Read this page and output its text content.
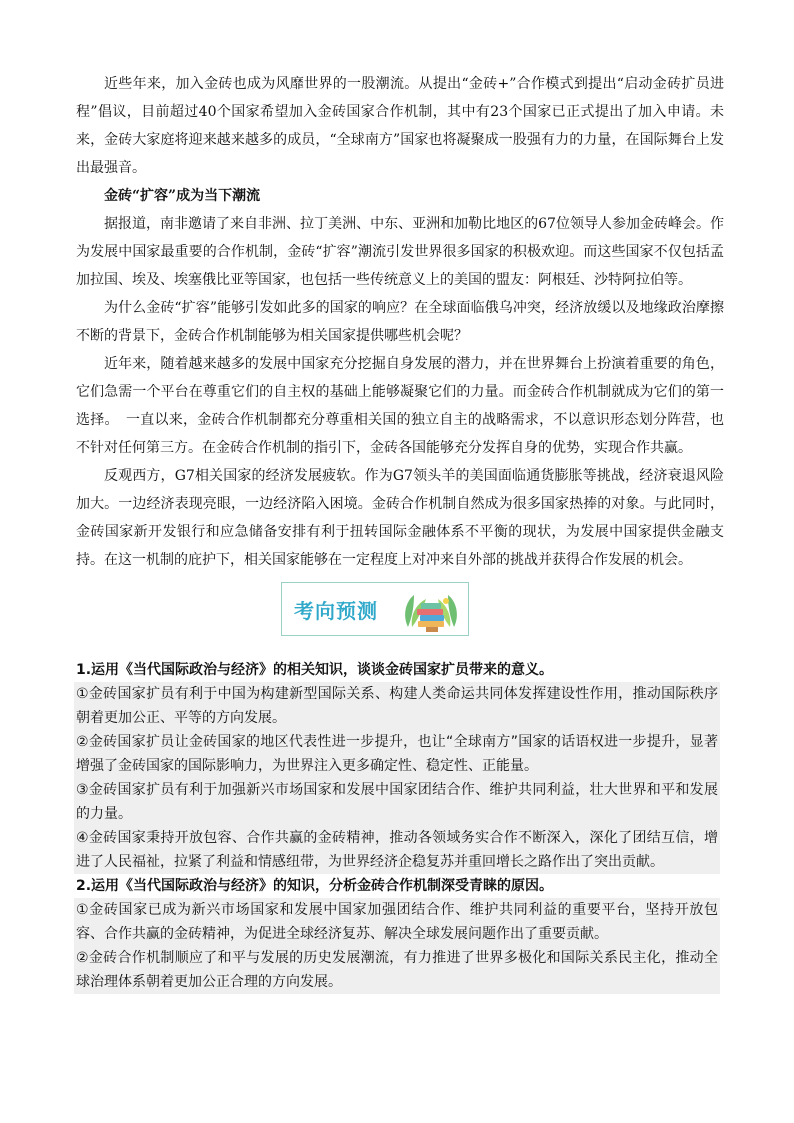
近些年来，加入金砖也成为风靡世界的一股潮流。从提出“金砖+”合作模式到提出“启动金砖扩员进程”倡议，目前超过40个国家希望加入金砖国家合作机制，其中有23个国家已正式提出了加入申请。未来，金砖大家庭将迎来越来越多的成员，“全球南方”国家也将凝聚成一股强有力的力量，在国际舞台上发出最强音。

金砖“扩容”成为当下潮流

据报道，南非邀请了来自非洲、拉丁美洲、中东、亚洲和加勒比地区的67位领导人参加金砖峰会。作为发展中国家最重要的合作机制，金砖“扩容”潮流引发世界很多国家的积极欢迎。而这些国家不仅包括孟加拉国、埃及、埃塞俄比亚等国家，也包括一些传统意义上的美国的盟友：阿根廷、沙特阿拉伯等。

为什么金砖“扩容”能够引发如此多的国家的响应？在全球面临俄乌冲突，经济放缓以及地缘政治摩擦不断的背景下，金砖合作机制能够为相关国家提供哪些机会呢？

近年来，随着越来越多的发展中国家充分挖掘自身发展的潜力，并在世界舞台上扮演着重要的角色，它们急需一个平台在尊重它们的自主权的基础上能够凝聚它们的力量。而金砖合作机制就成为它们的第一选择。　一直以来，金砖合作机制都充分尊重相关国的独立自主的战略需求，不以意识形态划分阵营，也不针对任何第三方。在金砖合作机制的指引下，金砖各国能够充分发挥自身的优势，实现合作共赢。

反观西方，G7相关国家的经济发展疲软。作为G7领头羊的美国面临通货膨胀等挑战，经济衰退风险加大。一边经济表现亮眼，一边经济陷入困境。金砖合作机制自然成为很多国家热捧的对象。与此同时，金砖国家新开发银行和应急储备安排有利于扭转国际金融体系不平衡的现状，为发展中国家提供金融支持。在这一机制的庇护下，相关国家能够在一定程度上对冲来自外部的挑战并获得合作发展的机会。

考向预测

1.运用《当代国际政治与经济》的相关知识，谈谈金砖国家扩员带来的意义。

①金砖国家扩员有利于中国为构建新型国际关系、构建人类命运共同体发挥建设性作用，推动国际秩序朝着更加公正、平等的方向发展。

②金砖国家扩员让金砖国家的地区代表性进一步提升，也让“全球南方”国家的话语权进一步提升，显著增强了金砖国家的国际影响力，为世界注入更多确定性、稳定性、正能量。

③金砖国家扩员有利于加强新兴市场国家和发展中国家团结合作、维护共同利益，壮大世界和平和发展的力量。

④金砖国家秉持开放包容、合作共赢的金砖精神，推动各领域务实合作不断深入，深化了团结互信，增进了人民福祉，拉紧了利益和情感纽带，为世界经济企稳复苏并重回增长之路作出了突出贡献。

2.运用《当代国际政治与经济》的知识，分析金砖合作机制深受青睐的原因。

①金砖国家已成为新兴市场国家和发展中国家加强团结合作、维护共同利益的重要平台，坚持开放包容、合作共赢的金砖精神，为促进全球经济复苏、解决全球发展问题作出了重要贡献。

②金砖合作机制顺应了和平与发展的历史发展潮流，有力推进了世界多极化和国际关系民主化，推动全球治理体系朝着更加公正合理的方向发展。
